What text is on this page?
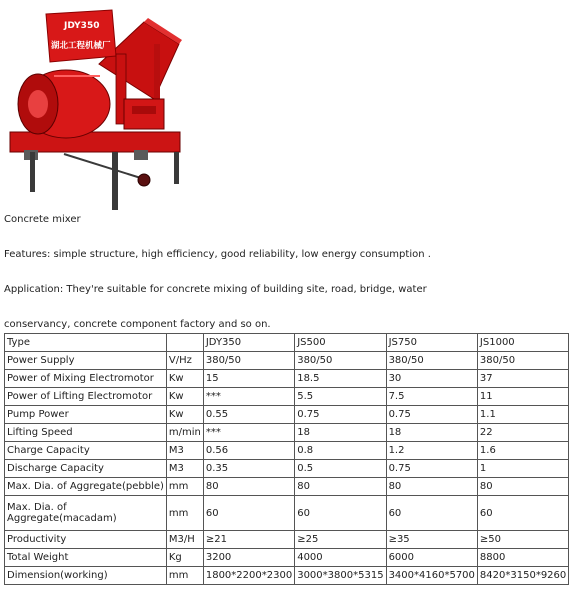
JDY350
湖北工程机械厂
Concrete mixer
Features: simple structure, high efficiency, good reliability, low energy consumption .
Application: They're suitable for concrete mixing of building site, road, bridge, water
conservancy, concrete component factory and so on.
Type		JDY350	JS500	JS750	JS1000
Power Supply	V/Hz	380/50	380/50	380/50	380/50
Power of Mixing Electromotor	Kw	15	18.5	30	37
Power of Lifting Electromotor	Kw	***	5.5	7.5	11
Pump Power	Kw	0.55	0.75	0.75	1.1
Lifting Speed	m/min	***	18	18	22
Charge Capacity	M3	0.56	0.8	1.2	1.6
Discharge Capacity	M3	0.35	0.5	0.75	1
Max. Dia. of Aggregate(pebble)	mm	80	80	80	80
Max. Dia. of Aggregate(macadam)	mm	60	60	60	60
Productivity	M3/H	≥21	≥25	≥35	≥50
Total Weight	Kg	3200	4000	6000	8800
Dimension(working)	mm	1800*2200*2300	3000*3800*5315	3400*4160*5700	8420*3150*9260
